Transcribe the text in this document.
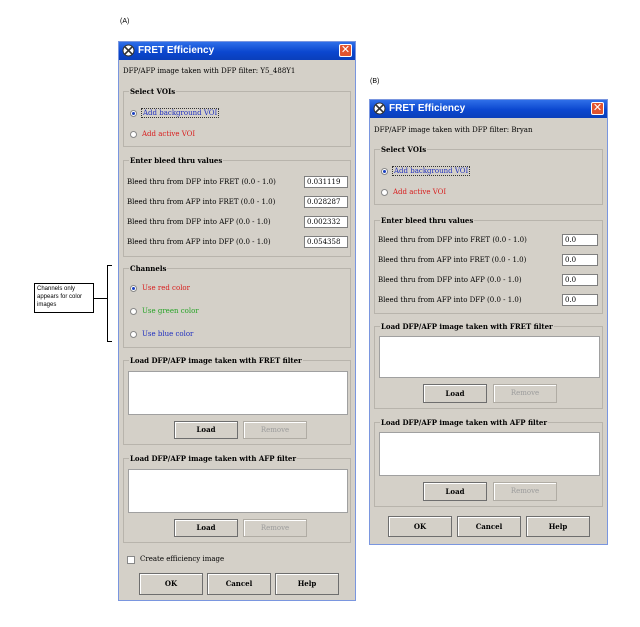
(A)
(B)
Channels only appears for color images
FRET Efficiency	✕
DFP/AFP image taken with DFP filter: Y5_488Y1
Select VOIs
Add background VOI
Add active VOI
Enter bleed thru values
Bleed thru from DFP into FRET (0.0 - 1.0)	0.031119
Bleed thru from AFP into FRET (0.0 - 1.0)	0.028287
Bleed thru from DFP into AFP (0.0 - 1.0)	0.002332
Bleed thru from AFP into DFP (0.0 - 1.0)	0.054358
Channels
Use red color
Use green color
Use blue color
Load DFP/AFP image taken with FRET filter
Load	Remove
Load DFP/AFP image taken with AFP filter
Load	Remove
Create efficiency image
OK	Cancel	Help
FRET Efficiency	✕
DFP/AFP image taken with DFP filter: Bryan
Select VOIs
Add background VOI
Add active VOI
Enter bleed thru values
Bleed thru from DFP into FRET (0.0 - 1.0)	0.0
Bleed thru from AFP into FRET (0.0 - 1.0)	0.0
Bleed thru from DFP into AFP (0.0 - 1.0)	0.0
Bleed thru from AFP into DFP (0.0 - 1.0)	0.0
Load DFP/AFP image taken with FRET filter
Load	Remove
Load DFP/AFP image taken with AFP filter
Load	Remove
OK	Cancel	Help
